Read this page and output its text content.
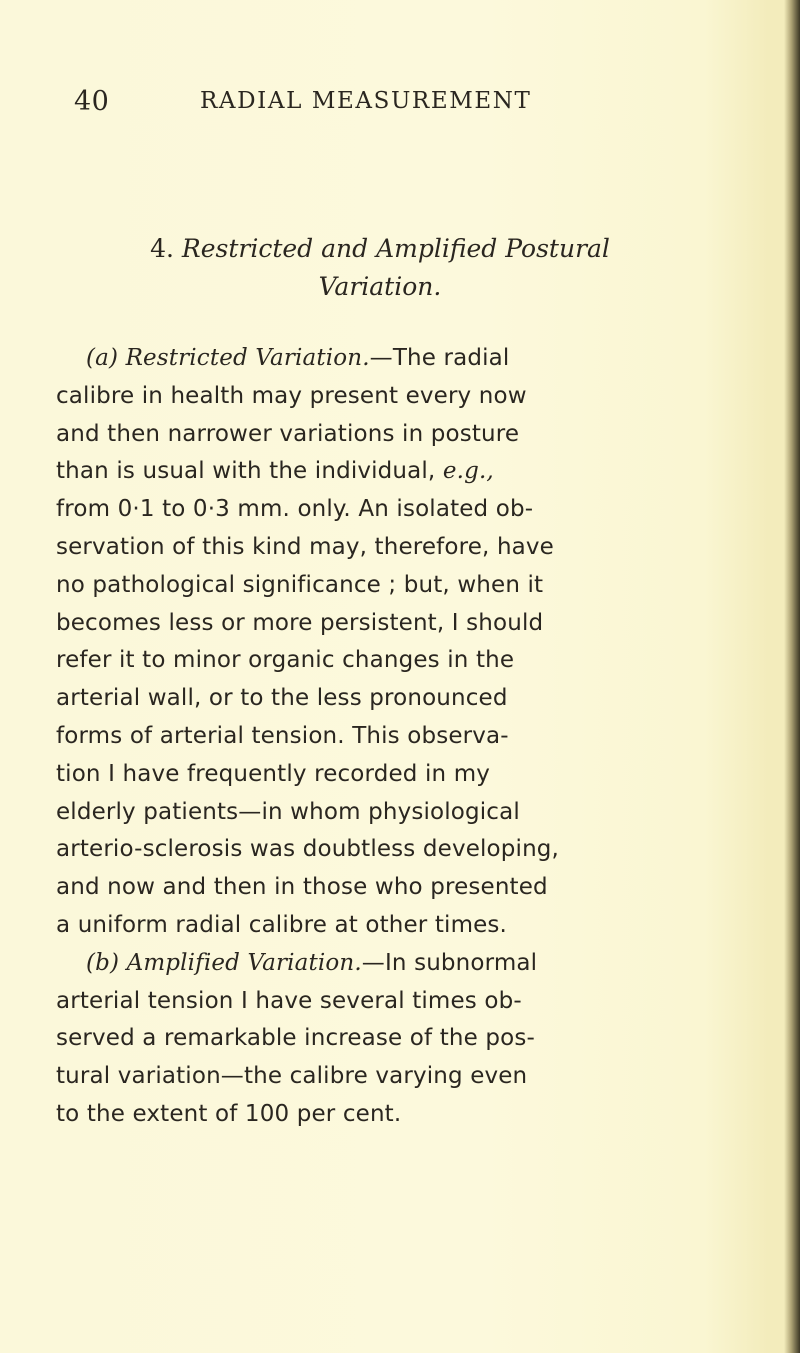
40	RADIAL MEASUREMENT
4. Restricted and Amplified Postural
Variation.
(a) Restricted Variation.—The radial
calibre in health may present every now
and then narrower variations in posture
than is usual with the individual, e.g.,
from 0·1 to 0·3 mm. only. An isolated ob-
servation of this kind may, therefore, have
no pathological significance ; but, when it
becomes less or more persistent, I should
refer it to minor organic changes in the
arterial wall, or to the less pronounced
forms of arterial tension. This observa-
tion I have frequently recorded in my
elderly patients—in whom physiological
arterio-sclerosis was doubtless developing,
and now and then in those who presented
a uniform radial calibre at other times.
(b) Amplified Variation.—In subnormal
arterial tension I have several times ob-
served a remarkable increase of the pos-
tural variation—the calibre varying even
to the extent of 100 per cent.
